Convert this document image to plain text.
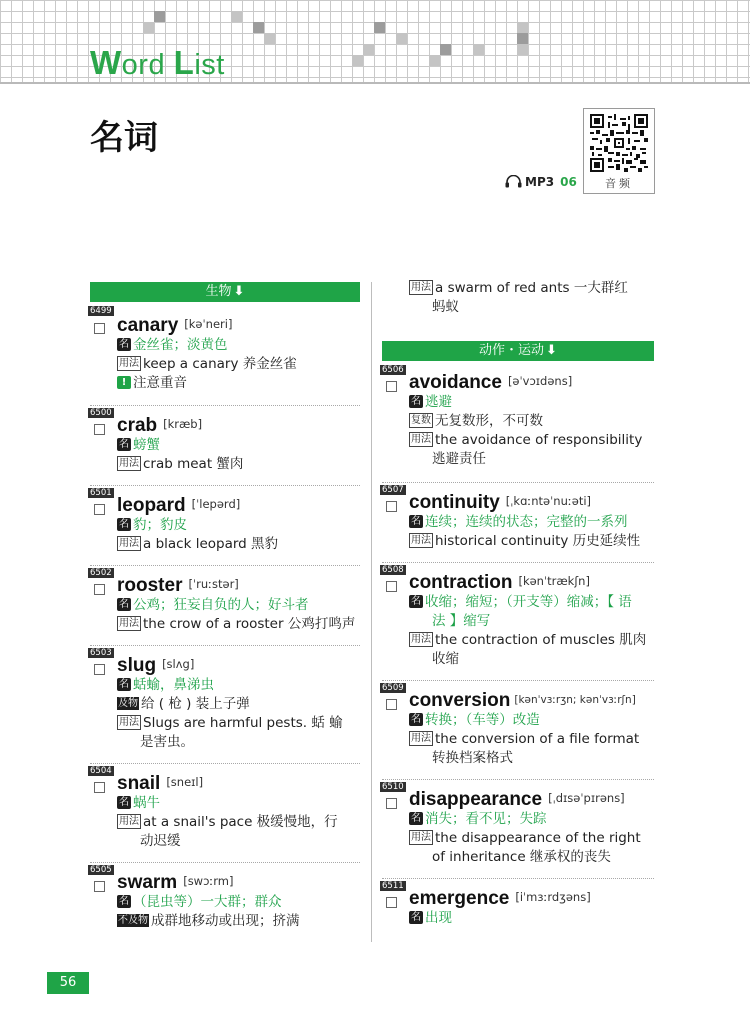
Word List
名词
音频
MP3 06
生物 ⬇
6499
canary [kəˈneri]
名 金丝雀；淡黄色
用法 keep a canary 养金丝雀
! 注意重音
6500
crab [kræb]
名 螃蟹
用法 crab meat 蟹肉
6501
leopard [ˈlepərd]
名 豹；豹皮
用法 a black leopard 黑豹
6502
rooster [ˈruːstər]
名 公鸡；狂妄自负的人；好斗者
用法 the crow of a rooster 公鸡打鸣声
6503
slug [slʌg]
名 蛞蝓，鼻涕虫
及物 给 ( 枪 ) 装上子弹
用法 Slugs are harmful pests. 蛞 蝓
是害虫。
6504
snail [sneɪl]
名 蜗牛
用法 at a snail's pace 极缓慢地，行
动迟缓
6505
swarm [swɔːrm]
名 （昆虫等）一大群；群众
不及物 成群地移动或出现；挤满
用法 a swarm of red ants 一大群红
蚂蚁
动作・运动 ⬇
6506
avoidance [əˈvɔɪdəns]
名 逃避
复数 无复数形，不可数
用法 the avoidance of responsibility
逃避责任
6507
continuity [ˌkɑːntəˈnuːəti]
名 连续；连续的状态；完整的一系列
用法 historical continuity 历史延续性
6508
contraction [kənˈtrækʃn]
名 收缩；缩短；（开支等）缩减；【 语
法 】缩写
用法 the contraction of muscles 肌肉
收缩
6509
conversion [kənˈvɜːrʒn; kənˈvɜːrʃn]
名 转换；（车等）改造
用法 the conversion of a file format
转换档案格式
6510
disappearance [ˌdɪsəˈpɪrəns]
名 消失；看不见；失踪
用法 the disappearance of the right
of inheritance 继承权的丧失
6511
emergence [iˈmɜːrdʒəns]
名 出现
56
